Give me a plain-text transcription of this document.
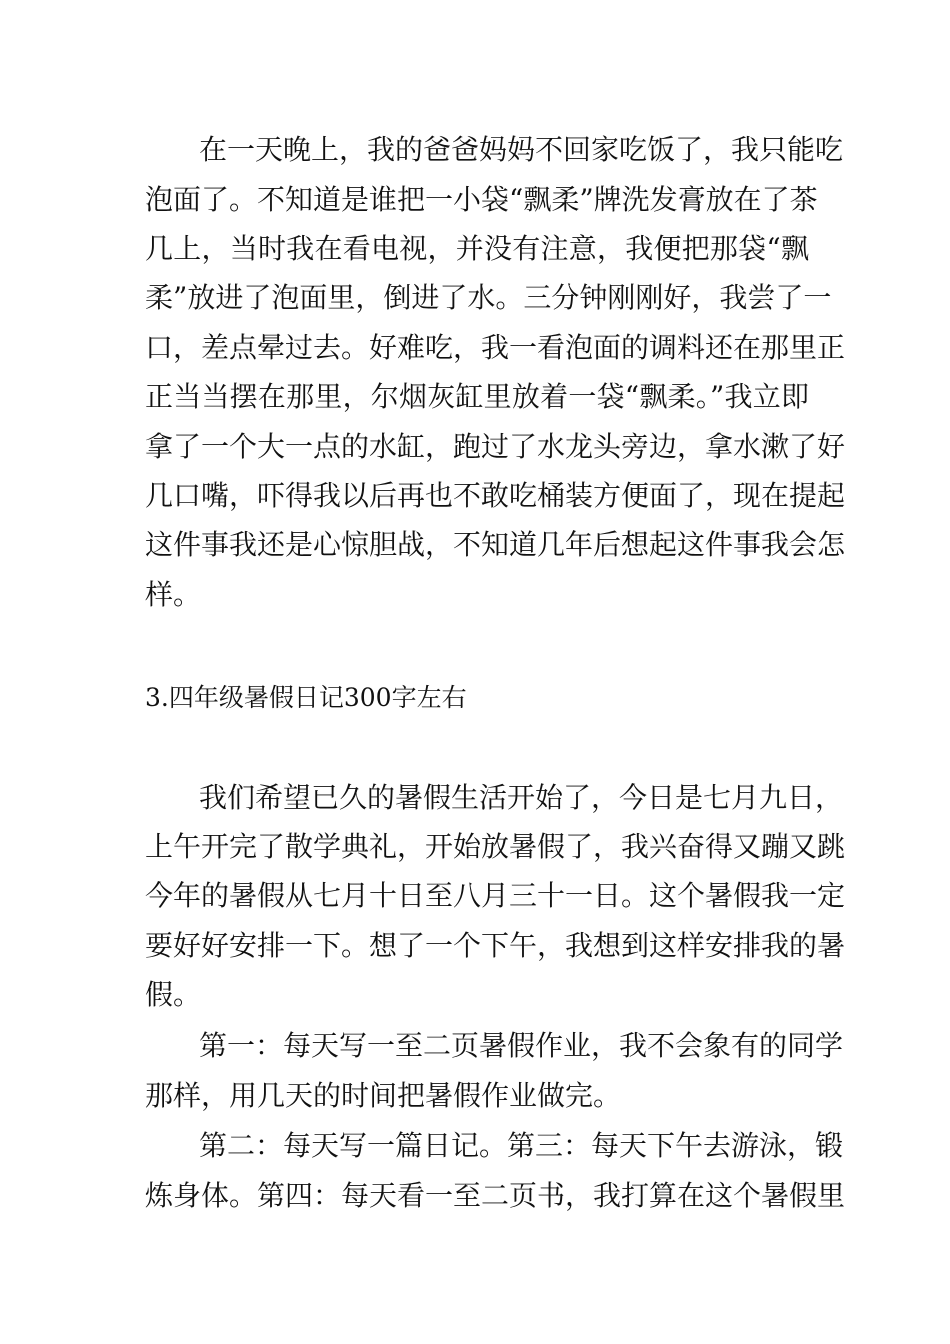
在一天晚上，我的爸爸妈妈不回家吃饭了，我只能吃
泡面了。不知道是谁把一小袋“飘柔”牌洗发膏放在了茶
几上，当时我在看电视，并没有注意，我便把那袋“飘
柔”放进了泡面里，倒进了水。三分钟刚刚好，我尝了一
口，差点晕过去。好难吃，我一看泡面的调料还在那里正
正当当摆在那里，尔烟灰缸里放着一袋“飘柔。”我立即
拿了一个大一点的水缸，跑过了水龙头旁边，拿水漱了好
几口嘴，吓得我以后再也不敢吃桶装方便面了，现在提起
这件事我还是心惊胆战，不知道几年后想起这件事我会怎
样。
3.四年级暑假日记300字左右
我们希望已久的暑假生活开始了，今日是七月九日，
上午开完了散学典礼，开始放暑假了，我兴奋得又蹦又跳
今年的暑假从七月十日至八月三十一日。这个暑假我一定
要好好安排一下。想了一个下午，我想到这样安排我的暑
假。
第一：每天写一至二页暑假作业，我不会象有的同学
那样，用几天的时间把暑假作业做完。
第二：每天写一篇日记。第三：每天下午去游泳，锻
炼身体。第四：每天看一至二页书，我打算在这个暑假里
